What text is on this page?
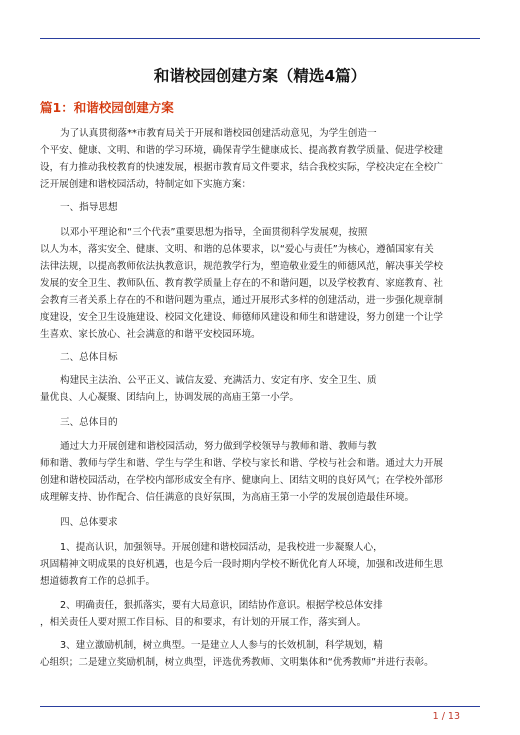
和谐校园创建方案（精选4篇）
篇1：和谐校园创建方案
为了认真贯彻落**市教育局关于开展和谐校园创建活动意见，为学生创造一
个平安、健康、文明、和谐的学习环境，确保青学生健康成长、提高教育教学质量、促进学校建
设，有力推动我校教育的快速发展，根据市教育局文件要求，结合我校实际，学校决定在全校广
泛开展创建和谐校园活动，特制定如下实施方案：
一、指导思想
以邓小平理论和“三个代表”重要思想为指导，全面贯彻科学发展观，按照
以人为本，落实安全、健康、文明、和谐的总体要求，以“爱心与责任”为核心，遵循国家有关
法律法规，以提高教师依法执教意识，规范教学行为，塑造敬业爱生的师德风范，解决事关学校
发展的安全卫生、教师队伍、教育教学质量上存在的不和谐问题，以及学校教育、家庭教育、社
会教育三者关系上存在的不和谐问题为重点，通过开展形式多样的创建活动，进一步强化规章制
度建设，安全卫生设施建设、校园文化建设、师德师风建设和师生和谐建设，努力创建一个让学
生喜欢、家长放心、社会满意的和谐平安校园环境。
二、总体目标
构建民主法治、公平正义、诚信友爱、充满活力、安定有序、安全卫生、质
量优良、人心凝聚、团结向上，协调发展的高庙王第一小学。
三、总体目的
通过大力开展创建和谐校园活动，努力做到学校领导与教师和谐、教师与教
师和谐、教师与学生和谐、学生与学生和谐、学校与家长和谐、学校与社会和谐。通过大力开展
创建和谐校园活动，在学校内部形成安全有序、健康向上、团结文明的良好风气；在学校外部形
成理解支持、协作配合、信任满意的良好氛围，为高庙王第一小学的发展创造最佳环境。
四、总体要求
1、提高认识，加强领导。开展创建和谐校园活动，是我校进一步凝聚人心，
巩固精神文明成果的良好机遇，也是今后一段时期内学校不断优化育人环境，加强和改进师生思
想道德教育工作的总抓手。
2、明确责任，狠抓落实，要有大局意识，团结协作意识。根据学校总体安排
，相关责任人要对照工作目标、目的和要求，有计划的开展工作，落实到人。
3、建立激励机制，树立典型。一是建立人人参与的长效机制，科学规划，精
心组织；二是建立奖励机制，树立典型，评选优秀教师、文明集体和“优秀教师”并进行表彰。
1 / 13
